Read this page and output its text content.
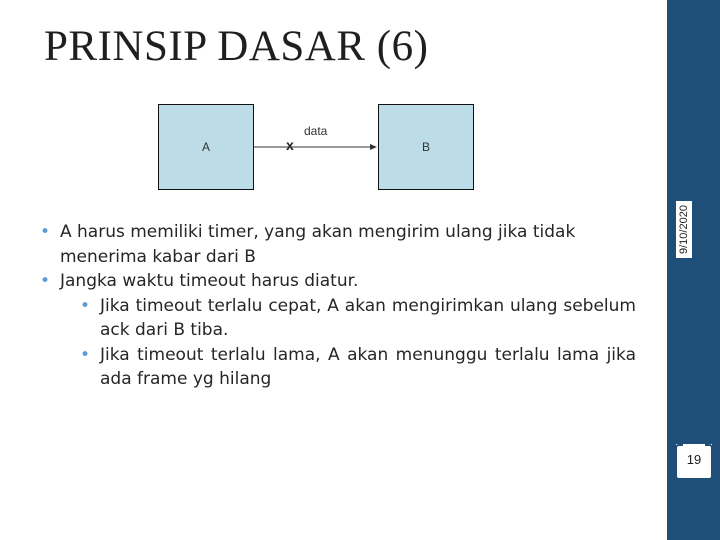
PRINSIP DASAR (6)
9/10/2020
A
data
x	B
• A harus memiliki timer, yang akan mengirim ulang jika tidak menerima kabar dari B
• Jangka waktu timeout harus diatur.
• Jika timeout terlalu cepat, A akan mengirimkan ulang sebelum ack dari B tiba.
• Jika timeout terlalu lama, A akan menunggu terlalu lama jika ada frame yg hilang
19
